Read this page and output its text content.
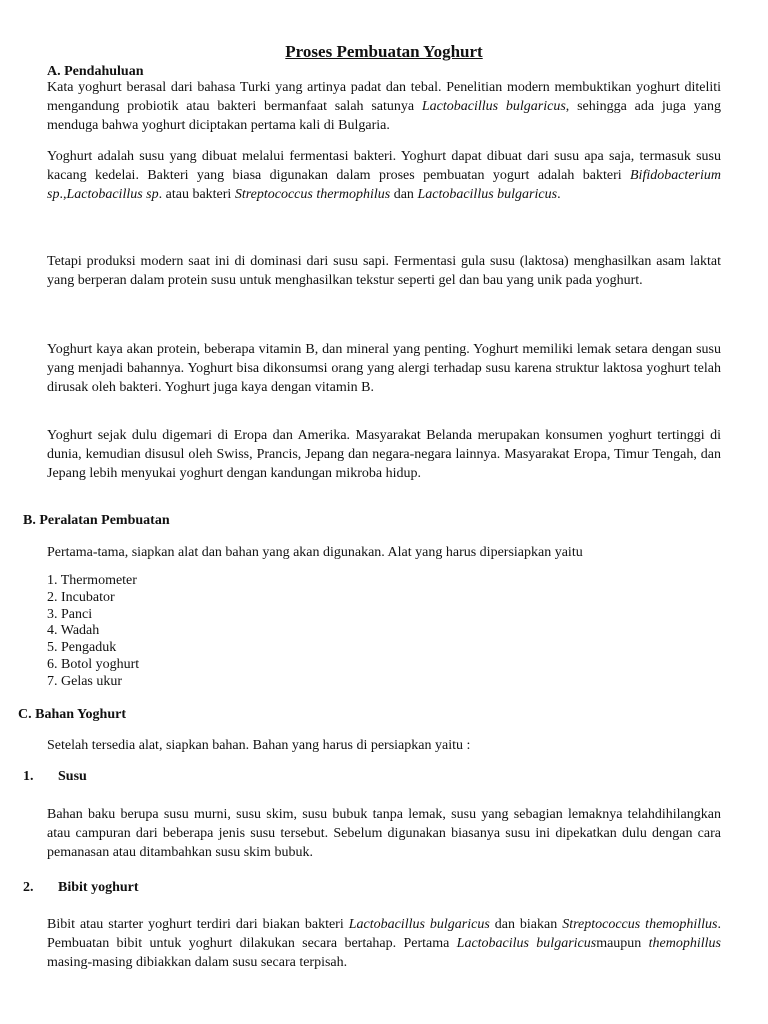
Proses Pembuatan Yoghurt
A. Pendahuluan

Kata yoghurt berasal dari bahasa Turki yang artinya padat dan tebal. Penelitian modern membuktikan yoghurt diteliti mengandung probiotik atau bakteri bermanfaat salah satunya Lactobacillus bulgaricus, sehingga ada juga yang menduga bahwa yoghurt diciptakan pertama kali di Bulgaria.

Yoghurt adalah susu yang dibuat melalui fermentasi bakteri. Yoghurt dapat dibuat dari susu apa saja, termasuk susu kacang kedelai. Bakteri yang biasa digunakan dalam proses pembuatan yogurt adalah bakteri Bifidobacterium sp.,Lactobacillus sp. atau bakteri Streptococcus thermophilus dan Lactobacillus bulgaricus.

Tetapi produksi modern saat ini di dominasi dari susu sapi. Fermentasi gula susu (laktosa) menghasilkan asam laktat yang berperan dalam protein susu untuk menghasilkan tekstur seperti gel dan bau yang unik pada yoghurt.

Yoghurt kaya akan protein, beberapa vitamin B, dan mineral yang penting. Yoghurt memiliki lemak setara dengan susu yang menjadi bahannya. Yoghurt bisa dikonsumsi orang yang alergi terhadap susu karena struktur laktosa yoghurt telah dirusak oleh bakteri. Yoghurt juga kaya dengan vitamin B.

Yoghurt sejak dulu digemari di Eropa dan Amerika. Masyarakat Belanda merupakan konsumen yoghurt tertinggi di dunia, kemudian disusul oleh Swiss, Prancis, Jepang dan negara-negara lainnya. Masyarakat Eropa, Timur Tengah, dan Jepang lebih menyukai yoghurt dengan kandungan mikroba hidup.

B. Peralatan Pembuatan

Pertama-tama, siapkan alat dan bahan yang akan digunakan. Alat yang harus dipersiapkan yaitu

1. Thermometer
2. Incubator
3. Panci
4. Wadah
5. Pengaduk
6. Botol yoghurt
7. Gelas ukur
C. Bahan Yoghurt

Setelah tersedia alat, siapkan bahan. Bahan yang harus di persiapkan yaitu :

1. Susu

Bahan baku berupa susu murni, susu skim, susu bubuk tanpa lemak, susu yang sebagian lemaknya telahdihilangkan atau campuran dari beberapa jenis susu tersebut. Sebelum digunakan biasanya susu ini dipekatkan dulu dengan cara pemanasan atau ditambahkan susu skim bubuk.

2. Bibit yoghurt

Bibit atau starter yoghurt terdiri dari biakan bakteri Lactobacillus bulgaricus dan biakan Streptococcus themophillus. Pembuatan bibit untuk yoghurt dilakukan secara bertahap. Pertama Lactobacilus bulgaricusmaupun themophillus masing-masing dibiakkan dalam susu secara terpisah.
